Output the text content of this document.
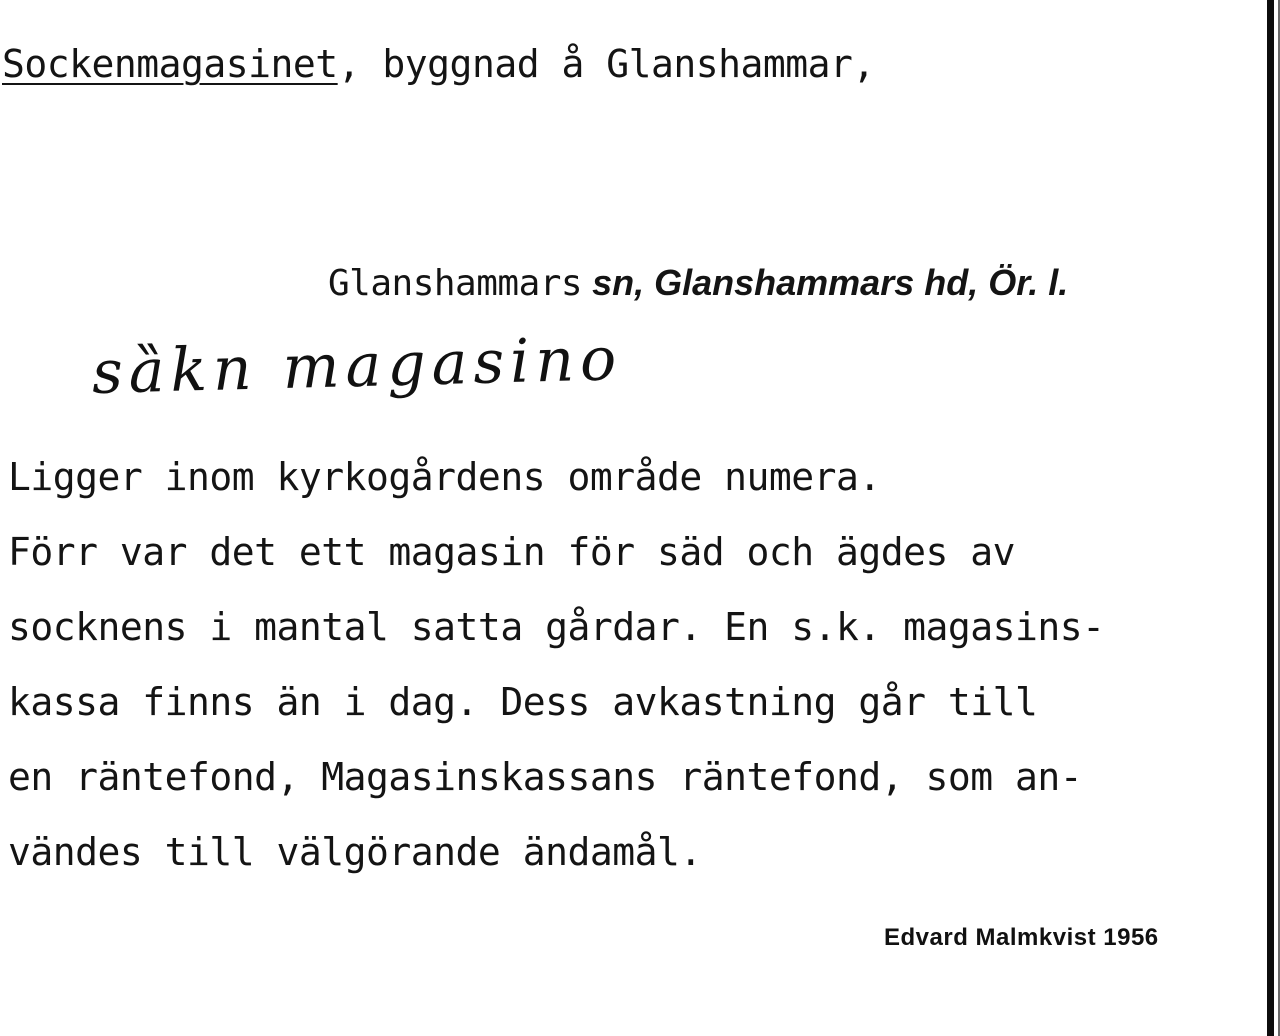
Sockenmagasinet, byggnad å Glanshammar,
Glanshammars sn, Glanshammars hd, Ör. l.
sȁkn magasino
Ligger inom kyrkogårdens område numera.
Förr var det ett magasin för säd och ägdes av
socknens i mantal satta gårdar. En s.k. magasins-
kassa finns än i dag. Dess avkastning går till
en räntefond, Magasinskassans räntefond, som an-
vändes till välgörande ändamål.
Edvard Malmkvist 1956
